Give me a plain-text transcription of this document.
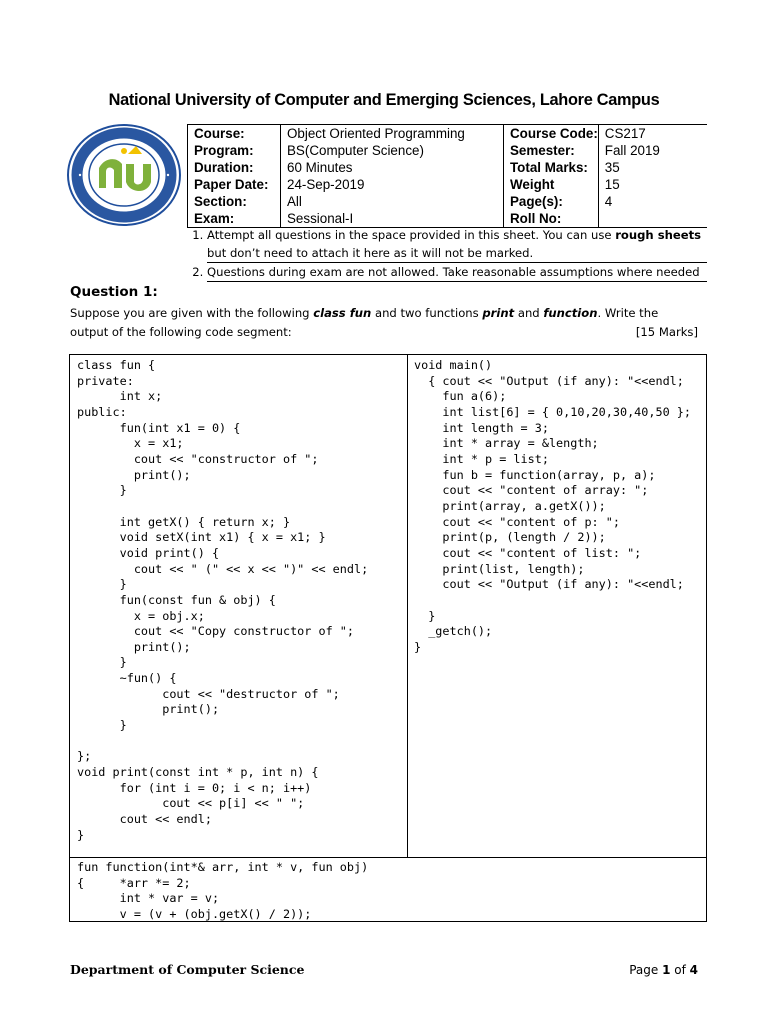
National University of Computer and Emerging Sciences, Lahore Campus
Course:	Object Oriented Programming	Course Code:	CS217
Program:	BS(Computer Science)	Semester:	Fall 2019
Duration:	60 Minutes	Total Marks:	35
Paper Date:	24-Sep-2019	Weight	15
Section:	All	Page(s):	4
Exam:	Sessional-I	Roll No:	
1. Attempt all questions in the space provided in this sheet. You can use rough sheets but don’t need to attach it here as it will not be marked.
2. Questions during exam are not allowed. Take reasonable assumptions where needed
Question 1:
Suppose you are given with the following class fun and two functions print and function. Write the output of the following code segment:	[15 Marks]
class fun {
private:
int x;
public:
fun(int x1 = 0) {
x = x1;
cout << "constructor of ";
print();
}

int getX() { return x; }
void setX(int x1) { x = x1; }
void print() {
cout << " (" << x << ")" << endl;
}
fun(const fun & obj) {
x = obj.x;
cout << "Copy constructor of ";
print();
}
~fun() {
cout << "destructor of ";
print();
}

};
void print(const int * p, int n) {
for (int i = 0; i < n; i++)
cout << p[i] << " ";
cout << endl;
}
void main()
{ cout << "Output (if any): "<<endl;
fun a(6);
int list[6] = { 0,10,20,30,40,50 };
int length = 3;
int * array = &length;
int * p = list;
fun b = function(array, p, a);
cout << "content of array: ";
print(array, a.getX());
cout << "content of p: ";
print(p, (length / 2));
cout << "content of list: ";
print(list, length);
cout << "Output (if any): "<<endl;

}
_getch();
}
fun function(int*& arr, int * v, fun obj)
{     *arr *= 2;
int * var = v;
v = (v + (obj.getX() / 2));
Department of Computer Science	Page 1 of 4
